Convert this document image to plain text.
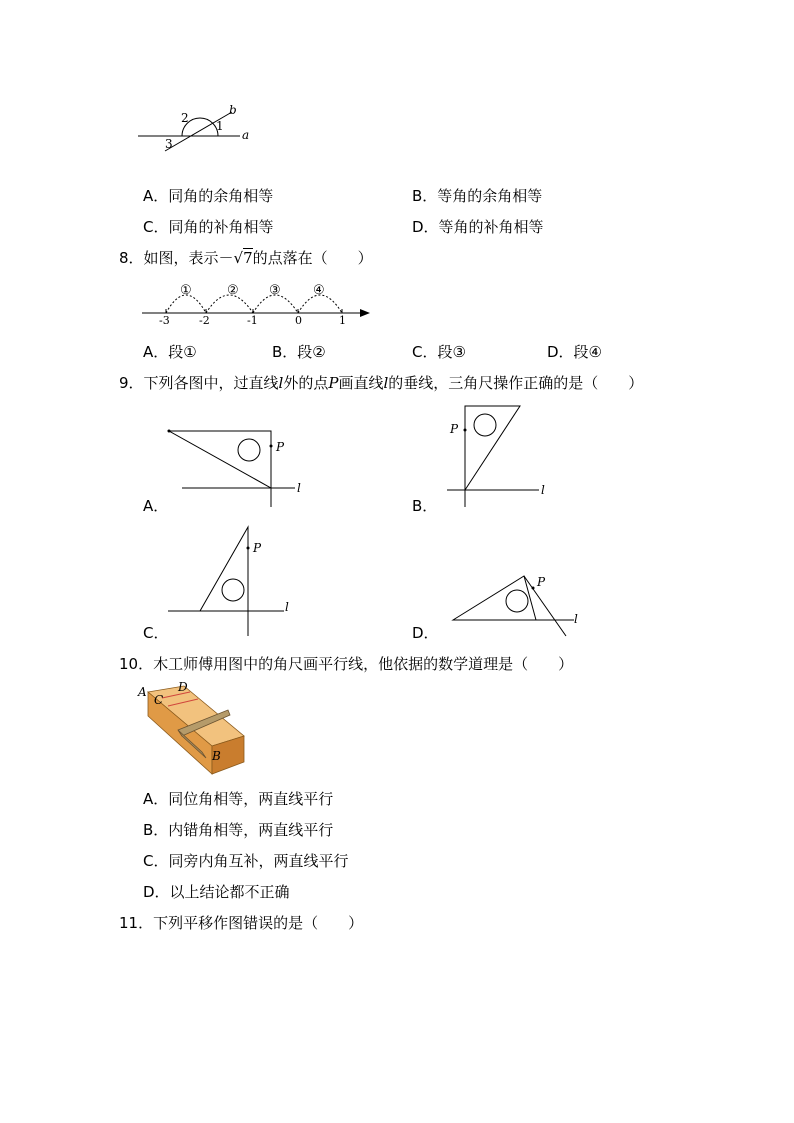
b
a
1
2
3
A．同角的余角相等	B．等角的余角相等
C．同角的补角相等	D．等角的补角相等
8．如图，表示－√7的点落在（　　）
①	② ③ ④
-3	-2	-1	0	1
A．段①	B．段②	C．段③	D．段④
9．下列各图中，过直线l外的点P画直线l的垂线，三角尺操作正确的是（　　）
P
l
A．
P
l
B．
P
l
C．
P
l
D．
10．木工师傅用图中的角尺画平行线，他依据的数学道理是（　　）
A	D
C
B
A．同位角相等，两直线平行
B．内错角相等，两直线平行
C．同旁内角互补，两直线平行
D．以上结论都不正确
11．下列平移作图错误的是（　　）
